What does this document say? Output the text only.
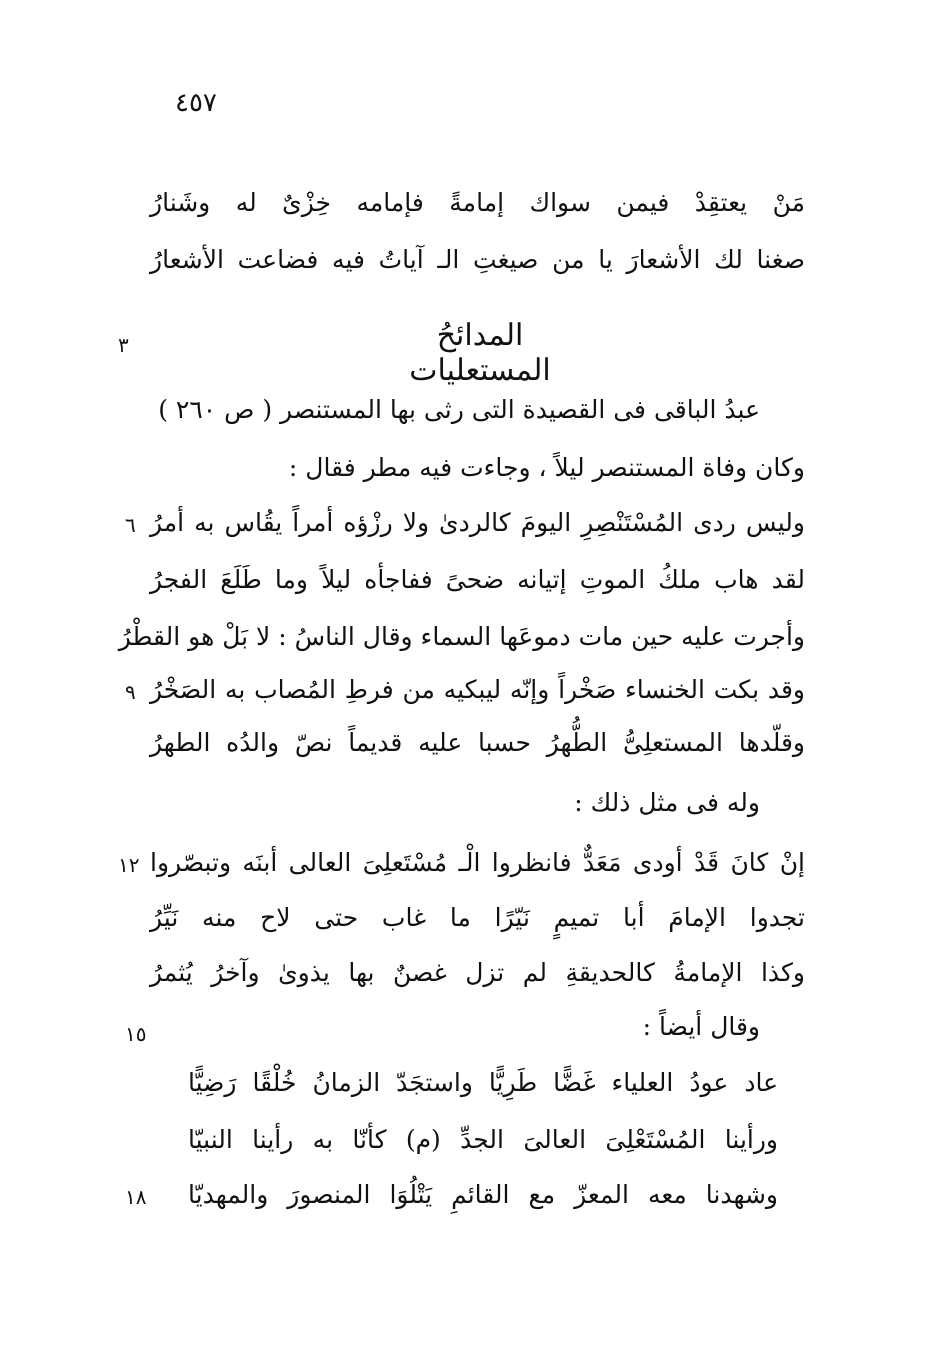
٤٥٧
مَنْ يعتقِدْ فيمن سواك إمامةً فإمامه خِزْىٌ له وشَنارُ
صغنا لك الأشعارَ يا من صيغتِ الـ آياتُ فيه فضاعت الأشعارُ
المدائحُ المستعليات
٣
عبدُ الباقى فى القصيدة التى رثى بها المستنصر ( ص ٢٦٠ )
وكان وفاة المستنصر ليلاً ، وجاءت فيه مطر فقال :
وليس ردى المُسْتَنْصِرِ اليومَ كالردىٰ ولا رزْؤه أمراً يقُاس به أمرُ
٦
لقد هاب ملكُ الموتِ إتيانه ضحىً ففاجأه ليلاً وما طَلَعَ الفجرُ
وأجرت عليه حين مات دموعَها السماء وقال الناسُ : لا بَلْ هو القطْرُ
وقد بكت الخنساء صَخْراً وإنّه ليبكيه من فرطِ المُصاب به الصَخْرُ
٩
وقلّدها المستعلِىُّ الطُّهرُ حسبا عليه قديماً نصّ والدُه الطهرُ
وله فى مثل ذلك :
إنْ كانَ قَدْ أودى مَعَدٌّ فانظروا الْـ مُسْتَعلِىَ العالى أبنَه وتبصّروا
١٢
تجدوا الإمامَ أبا تميمٍ نَيّرًا ما غاب حتى لاح منه نَيِّرُ
وكذا الإمامةُ كالحديقةِ لم تزل غصنٌ بها يذوىٰ وآخرُ يُثمرُ
وقال أيضاً :
١٥
عاد عودُ العلياء غَضًّا طَرِيًّا واستجَدّ الزمانُ خُلْقًا رَضِيًّا
ورأينا المُسْتَعْلِىَ العالىَ الجدِّ (م) كأنّا به رأينا النبيّا
وشهدنا معه المعزّ مع القائمِ يَتْلُوَا المنصورَ والمهديّا
١٨
